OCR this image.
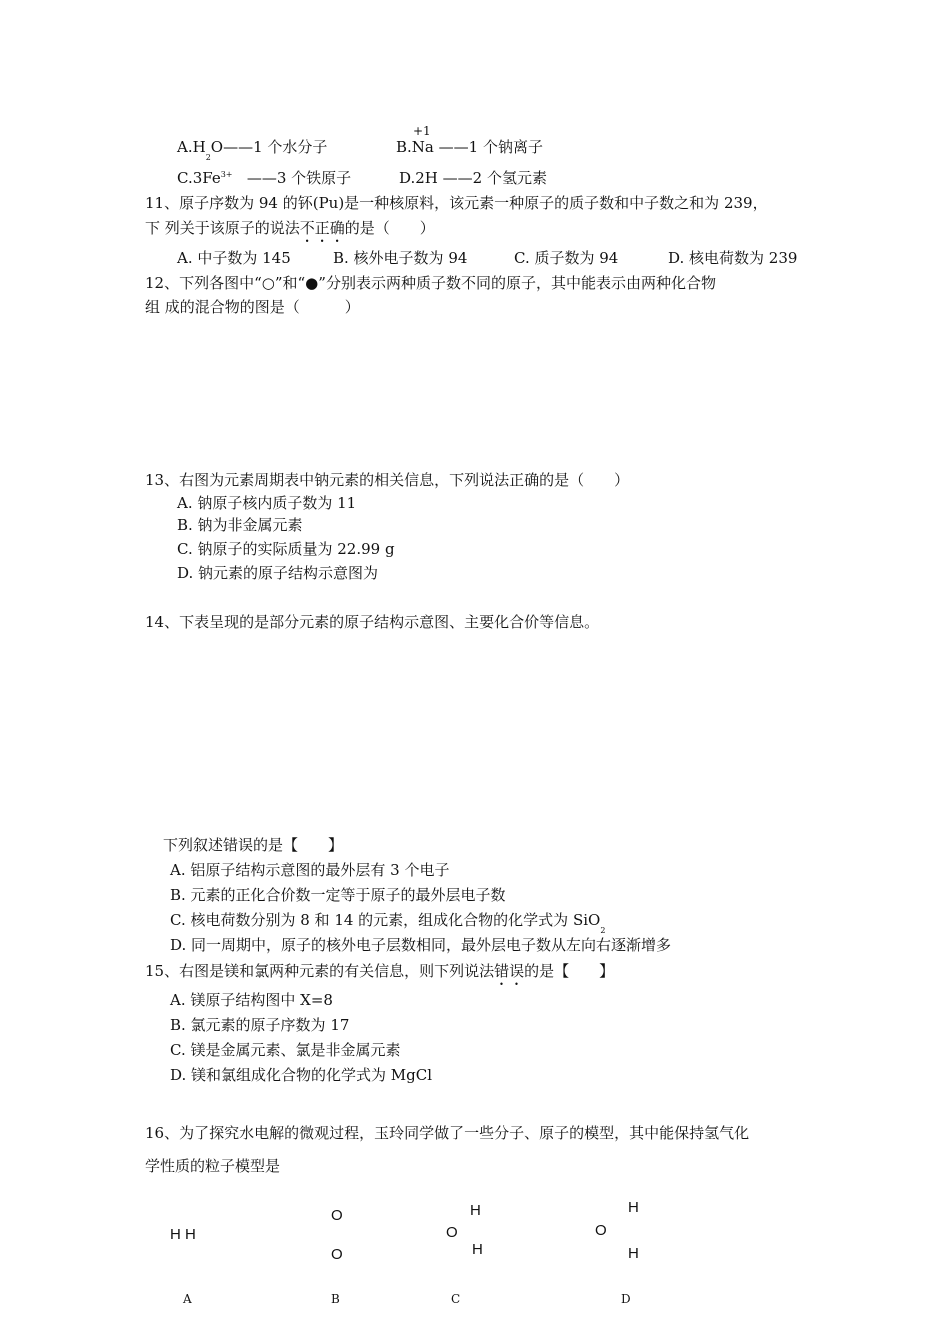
$A.H_2O——1$ 个水分子
+1
B.Na ——1 个钠离子
$C.3Fe^{3+}$ ——3 个铁原子	D.2H ——2 个氢元素
11、原子序数为 94 的钚(Pu)是一种核原料，该元素一种原子的质子数和中子数之和为 239，
下 列关于该原子的说法不正确的是（　　）
A. 中子数为 145	B. 核外电子数为 94	C. 质子数为 94	D. 核电荷数为 239
12、下列各图中“○”和“●”分别表示两种质子数不同的原子，其中能表示由两种化合物
组 成的混合物的图是（　　　）
13、右图为元素周期表中钠元素的相关信息，下列说法正确的是（　　）
A. 钠原子核内质子数为 11
B. 钠为非金属元素
C. 钠原子的实际质量为 22.99 g
D. 钠元素的原子结构示意图为
14、下表呈现的是部分元素的原子结构示意图、主要化合价等信息。
下列叙述错误的是【　　】
A. 铝原子结构示意图的最外层有 3 个电子
B. 元素的正化合价数一定等于原子的最外层电子数
C. 核电荷数分别为 8 和 14 的元素，组成化合物的化学式为 SiO$_2$
D. 同一周期中，原子的核外电子层数相同，最外层电子数从左向右逐渐增多
15、右图是镁和氯两种元素的有关信息，则下列说法错误的是【　　】
A. 镁原子结构图中 X=8
B. 氯元素的原子序数为 17
C. 镁是金属元素、氯是非金属元素
D. 镁和氯组成化合物的化学式为 MgCl
16、为了探究水电解的微观过程，玉玲同学做了一些分子、原子的模型，其中能保持氢气化
学性质的粒子模型是
H H
O
O
O
H
H
O
H
H
A	B	C	D
